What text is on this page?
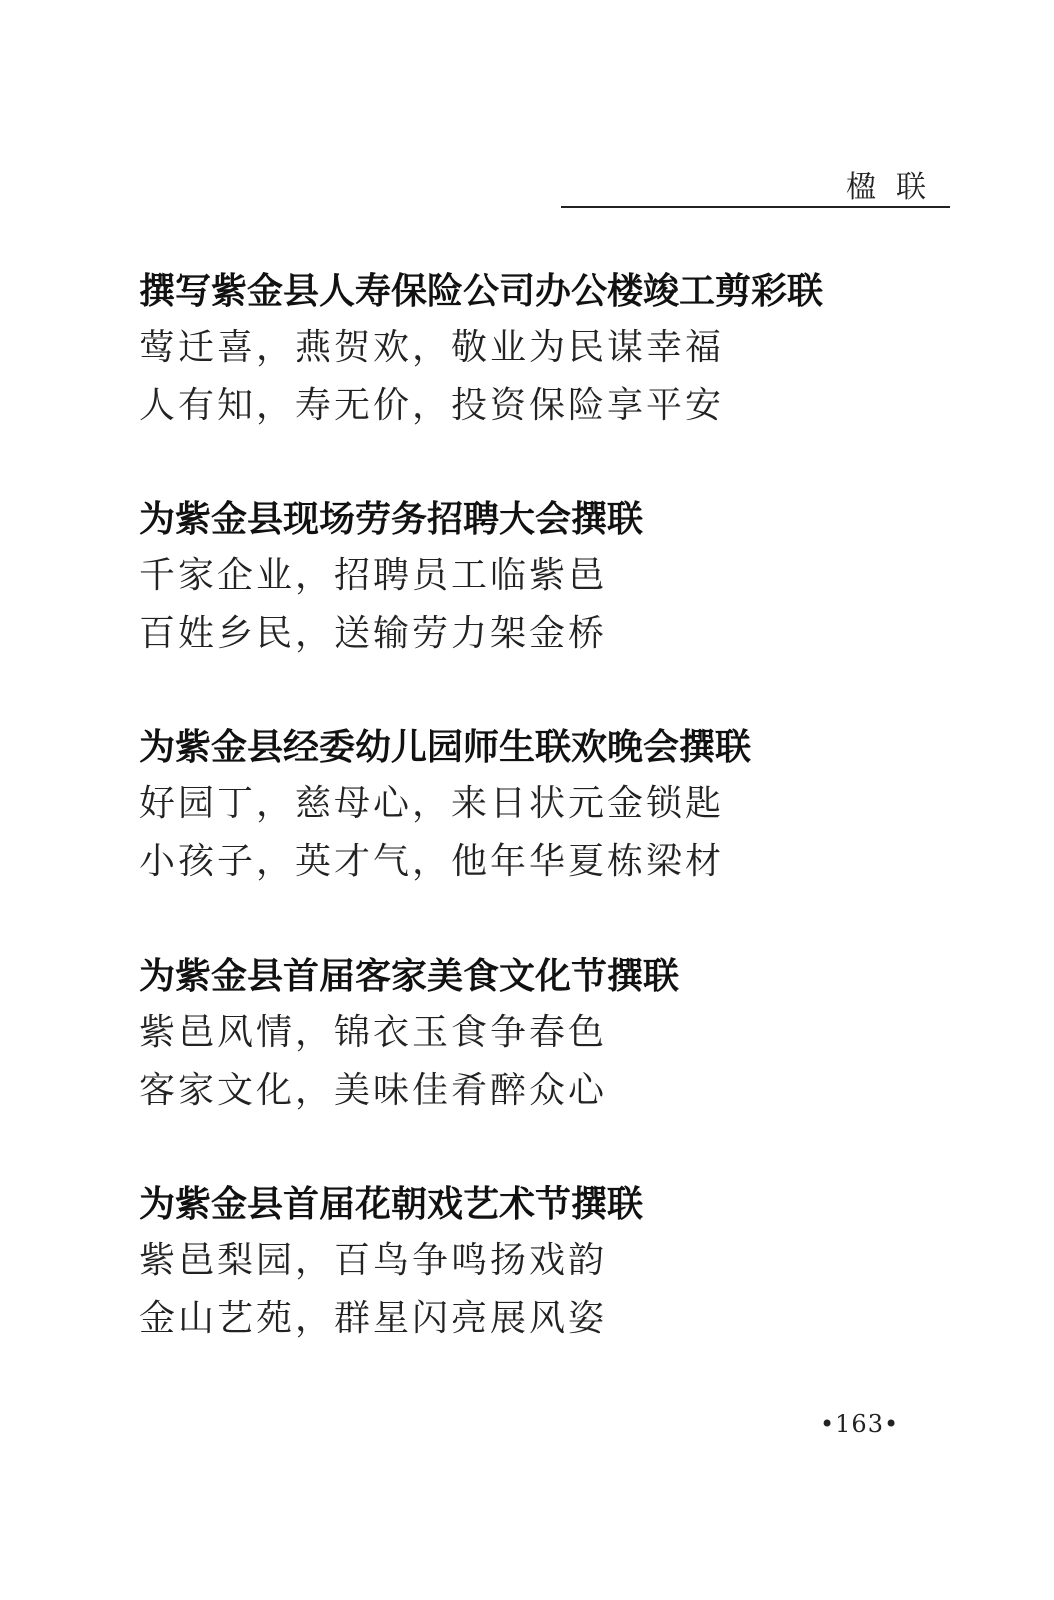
楹联
撰写紫金县人寿保险公司办公楼竣工剪彩联
莺迁喜，燕贺欢，敬业为民谋幸福
人有知，寿无价，投资保险享平安
为紫金县现场劳务招聘大会撰联
千家企业，招聘员工临紫邑
百姓乡民，送输劳力架金桥
为紫金县经委幼儿园师生联欢晚会撰联
好园丁，慈母心，来日状元金锁匙
小孩子，英才气，他年华夏栋梁材
为紫金县首届客家美食文化节撰联
紫邑风情，锦衣玉食争春色
客家文化，美味佳肴醉众心
为紫金县首届花朝戏艺术节撰联
紫邑梨园，百鸟争鸣扬戏韵
金山艺苑，群星闪亮展风姿
•163•
